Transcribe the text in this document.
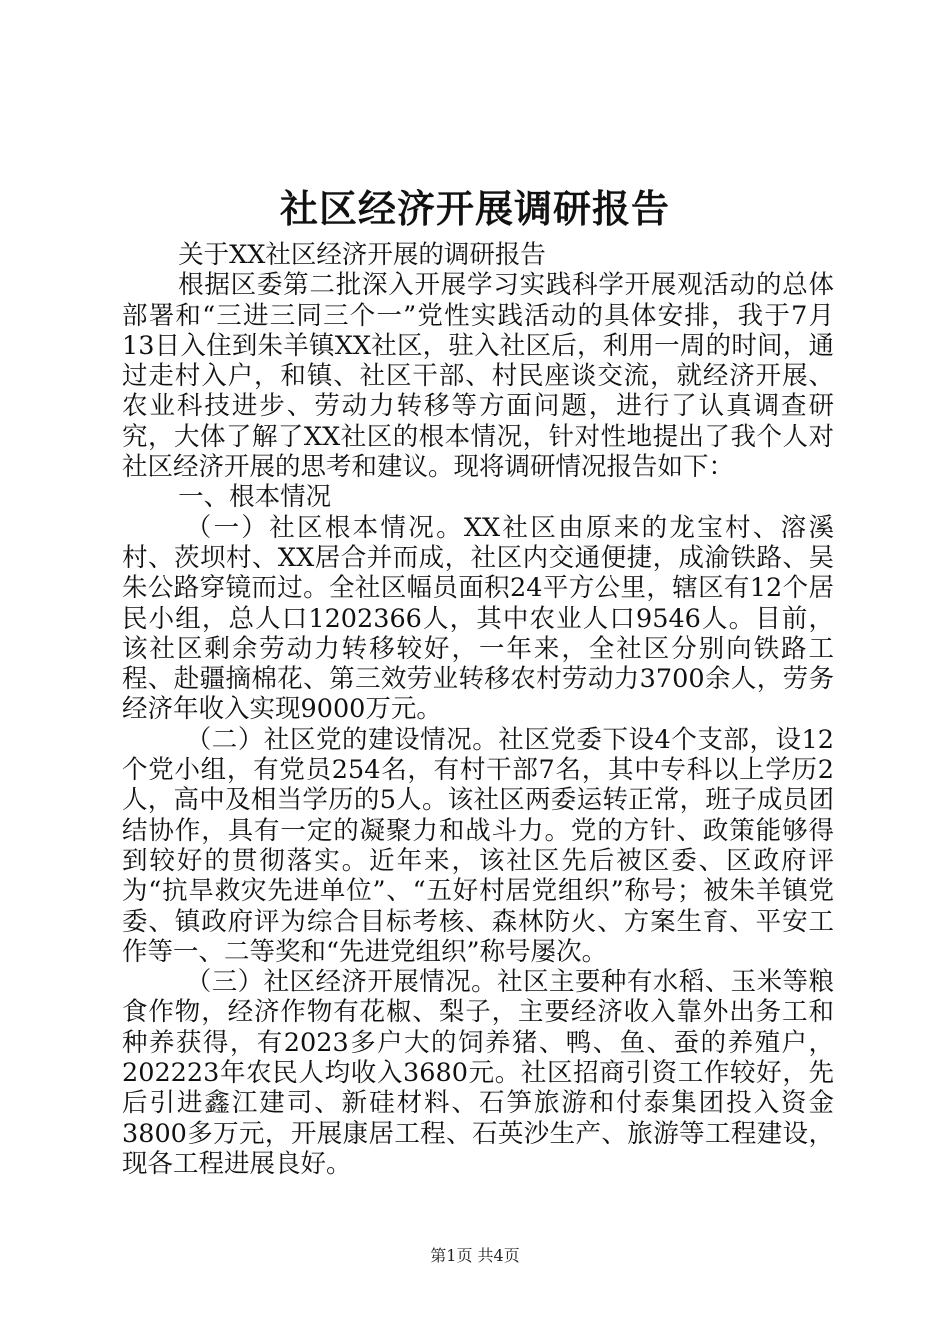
社区经济开展调研报告

关于XX社区经济开展的调研报告

根据区委第二批深入开展学习实践科学开展观活动的总体部署和“三进三同三个一”党性实践活动的具体安排，我于7月13日入住到朱羊镇XX社区，驻入社区后，利用一周的时间，通过走村入户，和镇、社区干部、村民座谈交流，就经济开展、农业科技进步、劳动力转移等方面问题，进行了认真调查研究，大体了解了XX社区的根本情况，针对性地提出了我个人对社区经济开展的思考和建议。现将调研情况报告如下：

一、根本情况

（一）社区根本情况。XX社区由原来的龙宝村、溶溪村、茨坝村、XX居合并而成，社区内交通便捷，成渝铁路、吴朱公路穿镜而过。全社区幅员面积24平方公里，辖区有12个居民小组，总人口1202366人，其中农业人口9546人。目前，该社区剩余劳动力转移较好，一年来，全社区分别向铁路工程、赴疆摘棉花、第三效劳业转移农村劳动力3700余人，劳务经济年收入实现9000万元。

（二）社区党的建设情况。社区党委下设4个支部，设12个党小组，有党员254名，有村干部7名，其中专科以上学历2人，高中及相当学历的5人。该社区两委运转正常，班子成员团结协作，具有一定的凝聚力和战斗力。党的方针、政策能够得到较好的贯彻落实。近年来，该社区先后被区委、区政府评为“抗旱救灾先进单位”、“五好村居党组织”称号；被朱羊镇党委、镇政府评为综合目标考核、森林防火、方案生育、平安工作等一、二等奖和“先进党组织”称号屡次。

（三）社区经济开展情况。社区主要种有水稻、玉米等粮食作物，经济作物有花椒、梨子，主要经济收入靠外出务工和种养获得，有2023多户大的饲养猪、鸭、鱼、蚕的养殖户，202223年农民人均收入3680元。社区招商引资工作较好，先后引进鑫江建司、新硅材料、石笋旅游和付泰集团投入资金3800多万元，开展康居工程、石英沙生产、旅游等工程建设，现各工程进展良好。

第1页 共4页
